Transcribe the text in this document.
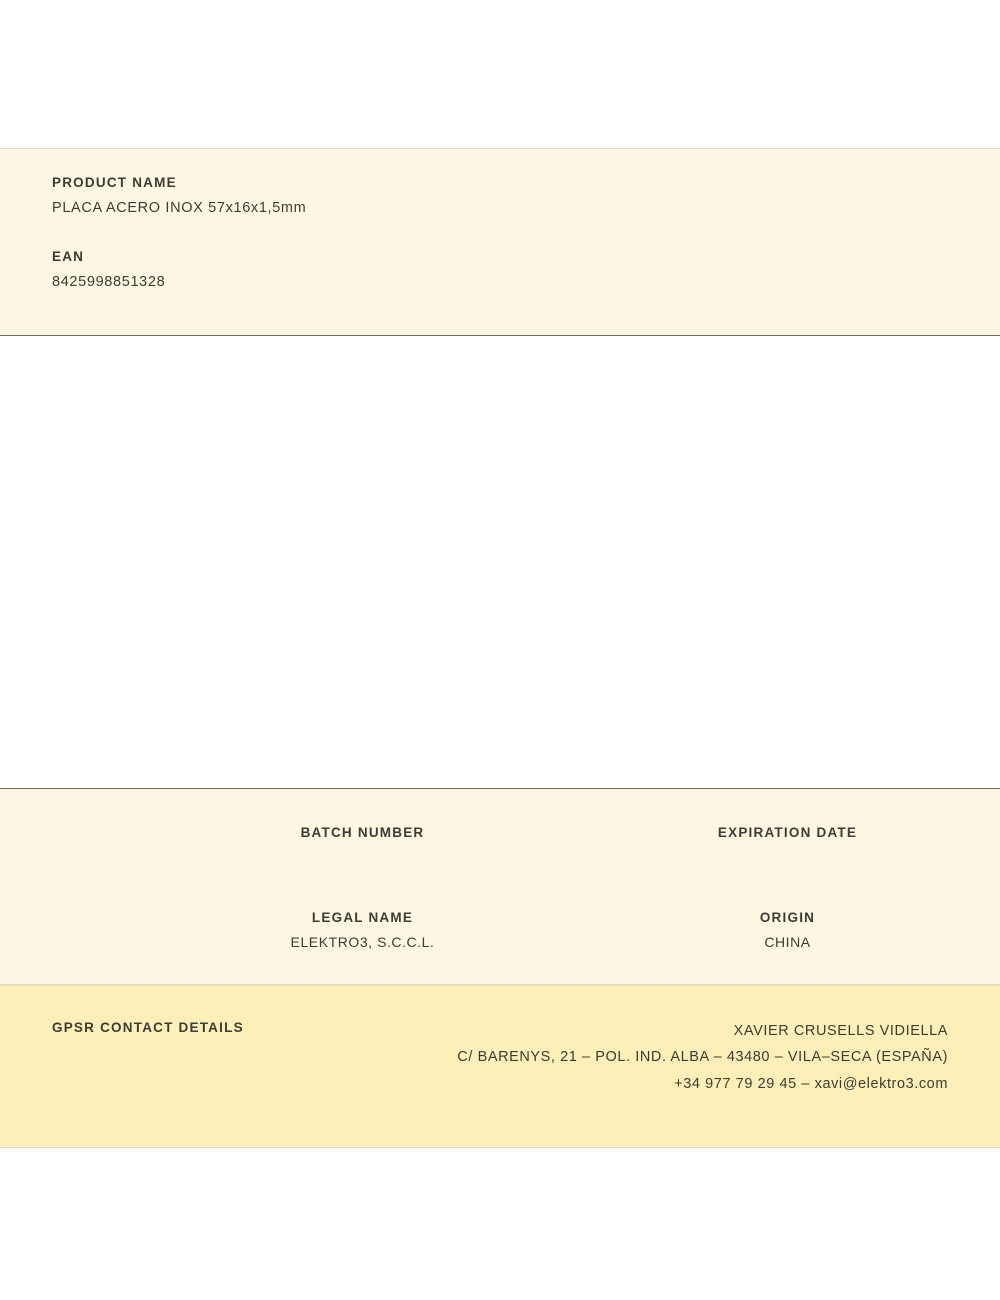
PRODUCT NAME
PLACA ACERO INOX 57x16x1,5mm
EAN
8425998851328
BATCH NUMBER	EXPIRATION DATE
LEGAL NAME
ELEKTRO3, S.C.C.L.
ORIGIN
CHINA
GPSR CONTACT DETAILS	XAVIER CRUSELLS VIDIELLA
C/ BARENYS, 21 – POL. IND. ALBA – 43480 – VILA–SECA (ESPAÑA)
+34 977 79 29 45 – xavi@elektro3.com
